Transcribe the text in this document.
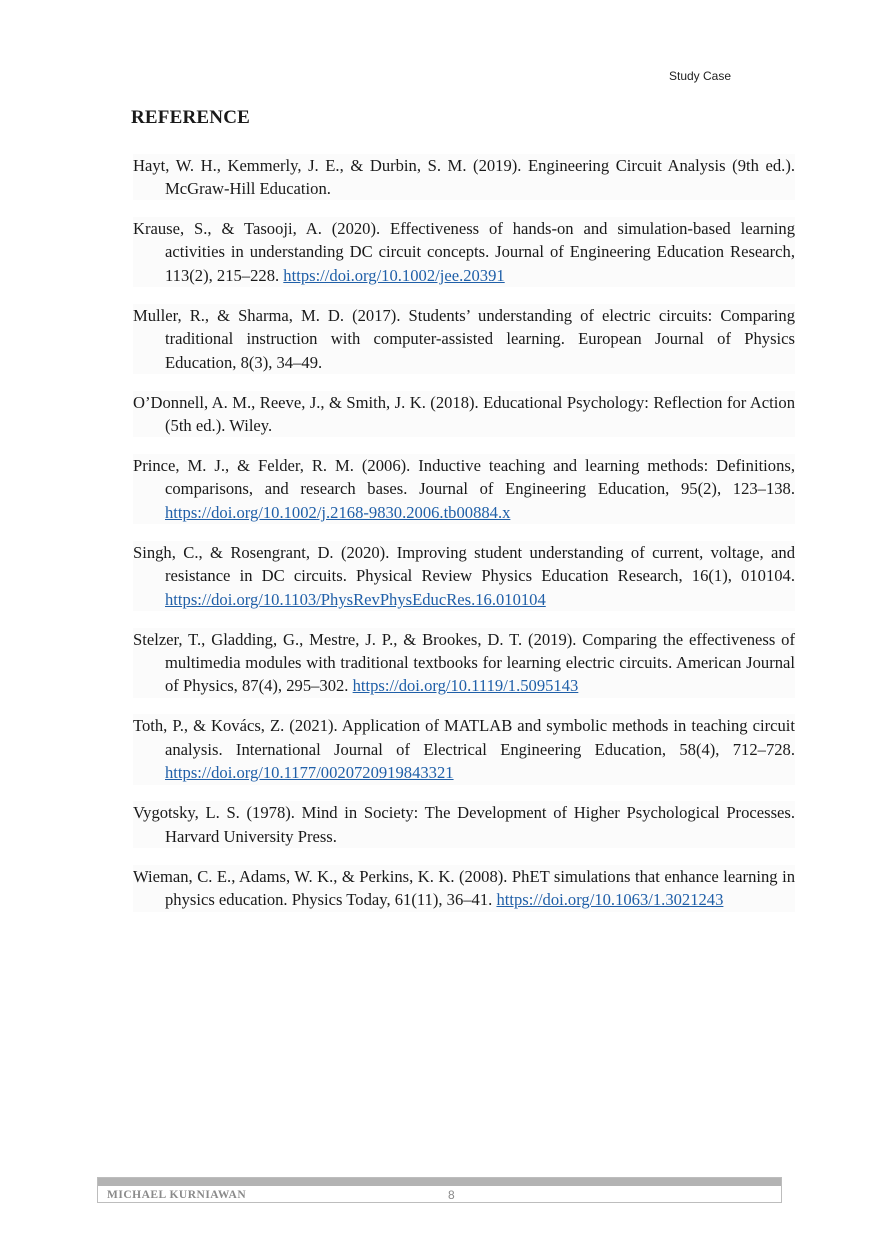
Study Case
REFERENCE

Hayt, W. H., Kemmerly, J. E., & Durbin, S. M. (2019). Engineering Circuit Analysis (9th ed.). McGraw-Hill Education.

Krause, S., & Tasooji, A. (2020). Effectiveness of hands-on and simulation-based learning activities in understanding DC circuit concepts. Journal of Engineering Education Research, 113(2), 215–228. https://doi.org/10.1002/jee.20391

Muller, R., & Sharma, M. D. (2017). Students’ understanding of electric circuits: Comparing traditional instruction with computer-assisted learning. European Journal of Physics Education, 8(3), 34–49.

O’Donnell, A. M., Reeve, J., & Smith, J. K. (2018). Educational Psychology: Reflection for Action (5th ed.). Wiley.

Prince, M. J., & Felder, R. M. (2006). Inductive teaching and learning methods: Definitions, comparisons, and research bases. Journal of Engineering Education, 95(2), 123–138. https://doi.org/10.1002/j.2168-9830.2006.tb00884.x

Singh, C., & Rosengrant, D. (2020). Improving student understanding of current, voltage, and resistance in DC circuits. Physical Review Physics Education Research, 16(1), 010104. https://doi.org/10.1103/PhysRevPhysEducRes.16.010104

Stelzer, T., Gladding, G., Mestre, J. P., & Brookes, D. T. (2019). Comparing the effectiveness of multimedia modules with traditional textbooks for learning electric circuits. American Journal of Physics, 87(4), 295–302. https://doi.org/10.1119/1.5095143

Toth, P., & Kovács, Z. (2021). Application of MATLAB and symbolic methods in teaching circuit analysis. International Journal of Electrical Engineering Education, 58(4), 712–728. https://doi.org/10.1177/0020720919843321

Vygotsky, L. S. (1978). Mind in Society: The Development of Higher Psychological Processes. Harvard University Press.

Wieman, C. E., Adams, W. K., & Perkins, K. K. (2008). PhET simulations that enhance learning in physics education. Physics Today, 61(11), 36–41. https://doi.org/10.1063/1.3021243

MICHAEL KURNIAWAN	8
